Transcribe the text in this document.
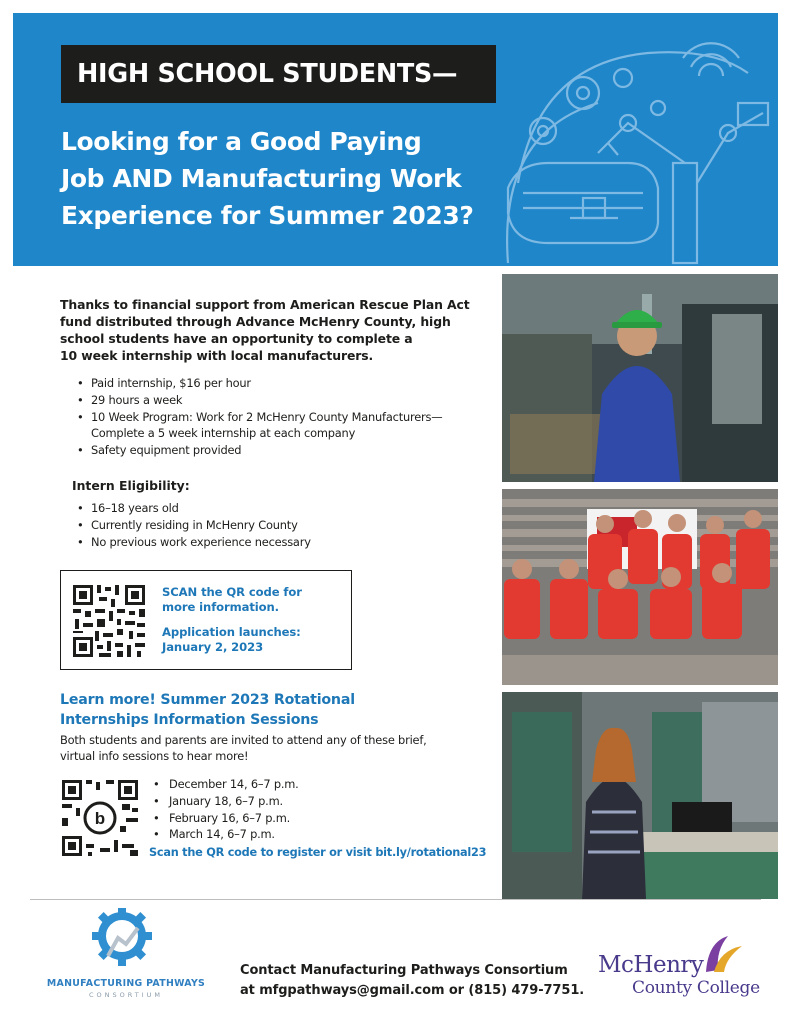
HIGH SCHOOL STUDENTS—
Looking for a Good Paying
Job AND Manufacturing Work
Experience for Summer 2023?

Thanks to financial support from American Rescue Plan Act
fund distributed through Advance McHenry County, high
school students have an opportunity to complete a
10 week internship with local manufacturers.

• Paid internship, $16 per hour
• 29 hours a week
• 10 Week Program: Work for 2 McHenry County Manufacturers—
Complete a 5 week internship at each company
• Safety equipment provided
Intern Eligibility:
• 16–18 years old
• Currently residing in McHenry County
• No previous work experience necessary
SCAN the QR code for
more information.
Application launches:
January 2, 2023
Learn more! Summer 2023 Rotational
Internships Information Sessions

Both students and parents are invited to attend any of these brief,
virtual info sessions to hear more!

b
• December 14, 6–7 p.m.
• January 18, 6–7 p.m.
• February 16, 6–7 p.m.
• March 14, 6–7 p.m.
Scan the QR code to register or visit bit.ly/rotational23
MANUFACTURING PATHWAYS
CONSORTIUM
Contact Manufacturing Pathways Consortium
at mfgpathways@gmail.com or (815) 479-7751.
McHenry
County College
